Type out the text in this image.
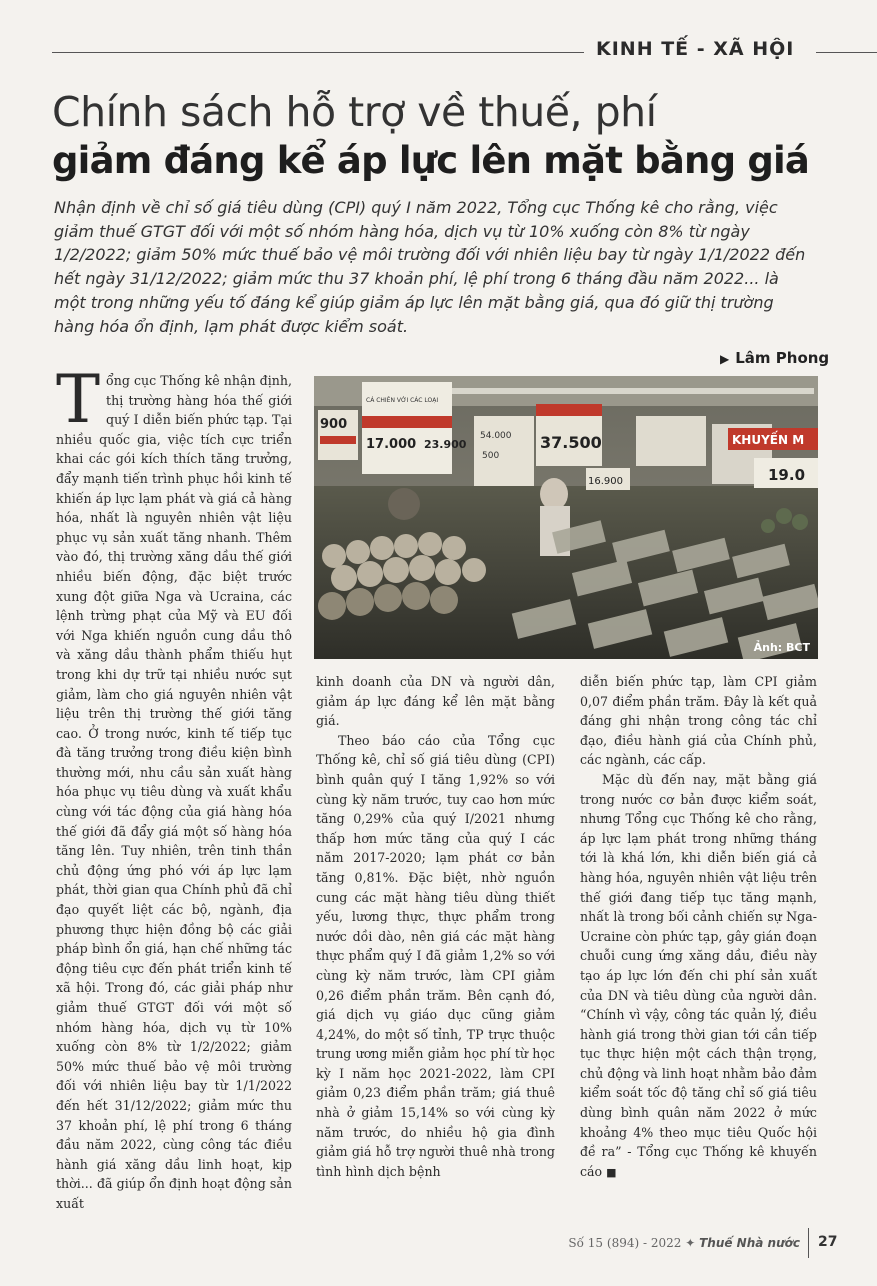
KINH TẾ - XÃ HỘI
Chính sách hỗ trợ về thuế, phí
giảm đáng kể áp lực lên mặt bằng giá

Nhận định về chỉ số giá tiêu dùng (CPI) quý I năm 2022, Tổng cục Thống kê cho rằng, việc giảm thuế GTGT đối với một số nhóm hàng hóa, dịch vụ từ 10% xuống còn 8% từ ngày 1/2/2022; giảm 50% mức thuế bảo vệ môi trường đối với nhiên liệu bay từ ngày 1/1/2022 đến hết ngày 31/12/2022; giảm mức thu 37 khoản phí, lệ phí trong 6 tháng đầu năm 2022... là một trong những yếu tố đáng kể giúp giảm áp lực lên mặt bằng giá, qua đó giữ thị trường hàng hóa ổn định, lạm phát được kiểm soát.

▶ Lâm Phong

Tổng cục Thống kê nhận định, thị trường hàng hóa thế giới quý I diễn biến phức tạp. Tại nhiều quốc gia, việc tích cực triển khai các gói kích thích tăng trưởng, đẩy mạnh tiến trình phục hồi kinh tế khiến áp lực lạm phát và giá cả hàng hóa, nhất là nguyên nhiên vật liệu phục vụ sản xuất tăng nhanh. Thêm vào đó, thị trường xăng dầu thế giới nhiều biến động, đặc biệt trước xung đột giữa Nga và Ucraina, các lệnh trừng phạt của Mỹ và EU đối với Nga khiến nguồn cung dầu thô và xăng dầu thành phẩm thiếu hụt trong khi dự trữ tại nhiều nước sụt giảm, làm cho giá nguyên nhiên vật liệu trên thị trường thế giới tăng cao. Ở trong nước, kinh tế tiếp tục đà tăng trưởng trong điều kiện bình thường mới, nhu cầu sản xuất hàng hóa phục vụ tiêu dùng và xuất khẩu cùng với tác động của giá hàng hóa thế giới đã đẩy giá một số hàng hóa tăng lên. Tuy nhiên, trên tinh thần chủ động ứng phó với áp lực lạm phát, thời gian qua Chính phủ đã chỉ đạo quyết liệt các bộ, ngành, địa phương thực hiện đồng bộ các giải pháp bình ổn giá, hạn chế những tác động tiêu cực đến phát triển kinh tế xã hội. Trong đó, các giải pháp như giảm thuế GTGT đối với một số nhóm hàng hóa, dịch vụ từ 10% xuống còn 8% từ 1/2/2022; giảm 50% mức thuế bảo vệ môi trường đối với nhiên liệu bay từ 1/1/2022 đến hết 31/12/2022; giảm mức thu 37 khoản phí, lệ phí trong 6 tháng đầu năm 2022, cùng công tác điều hành giá xăng dầu linh hoạt, kịp thời... đã giúp ổn định hoạt động sản xuất

900
CÁ CHIÊN VỚI CÁC LOẠI
17.000 23.900
54.000
500
37.500
16.900
KHUYẾN M
19.0
Ảnh: BCT

kinh doanh của DN và người dân, giảm áp lực đáng kể lên mặt bằng giá.

Theo báo cáo của Tổng cục Thống kê, chỉ số giá tiêu dùng (CPI) bình quân quý I tăng 1,92% so với cùng kỳ năm trước, tuy cao hơn mức tăng 0,29% của quý I/2021 nhưng thấp hơn mức tăng của quý I các năm 2017-2020; lạm phát cơ bản tăng 0,81%. Đặc biệt, nhờ nguồn cung các mặt hàng tiêu dùng thiết yếu, lương thực, thực phẩm trong nước dồi dào, nên giá các mặt hàng thực phẩm quý I đã giảm 1,2% so với cùng kỳ năm trước, làm CPI giảm 0,26 điểm phần trăm. Bên cạnh đó, giá dịch vụ giáo dục cũng giảm 4,24%, do một số tỉnh, TP trực thuộc trung ương miễn giảm học phí từ học kỳ I năm học 2021-2022, làm CPI giảm 0,23 điểm phần trăm; giá thuê nhà ở giảm 15,14% so với cùng kỳ năm trước, do nhiều hộ gia đình giảm giá hỗ trợ người thuê nhà trong tình hình dịch bệnh

diễn biến phức tạp, làm CPI giảm 0,07 điểm phần trăm. Đây là kết quả đáng ghi nhận trong công tác chỉ đạo, điều hành giá của Chính phủ, các ngành, các cấp.

Mặc dù đến nay, mặt bằng giá trong nước cơ bản được kiểm soát, nhưng Tổng cục Thống kê cho rằng, áp lực lạm phát trong những tháng tới là khá lớn, khi diễn biến giá cả hàng hóa, nguyên nhiên vật liệu trên thế giới đang tiếp tục tăng mạnh, nhất là trong bối cảnh chiến sự Nga-Ucraine còn phức tạp, gây gián đoạn chuỗi cung ứng xăng dầu, điều này tạo áp lực lớn đến chi phí sản xuất của DN và tiêu dùng của người dân. “Chính vì vậy, công tác quản lý, điều hành giá trong thời gian tới cần tiếp tục thực hiện một cách thận trọng, chủ động và linh hoạt nhằm bảo đảm kiểm soát tốc độ tăng chỉ số giá tiêu dùng bình quân năm 2022 ở mức khoảng 4% theo mục tiêu Quốc hội đề ra” - Tổng cục Thống kê khuyến cáo ■

Số 15 (894) - 2022 ✦ Thuế Nhà nước 27
